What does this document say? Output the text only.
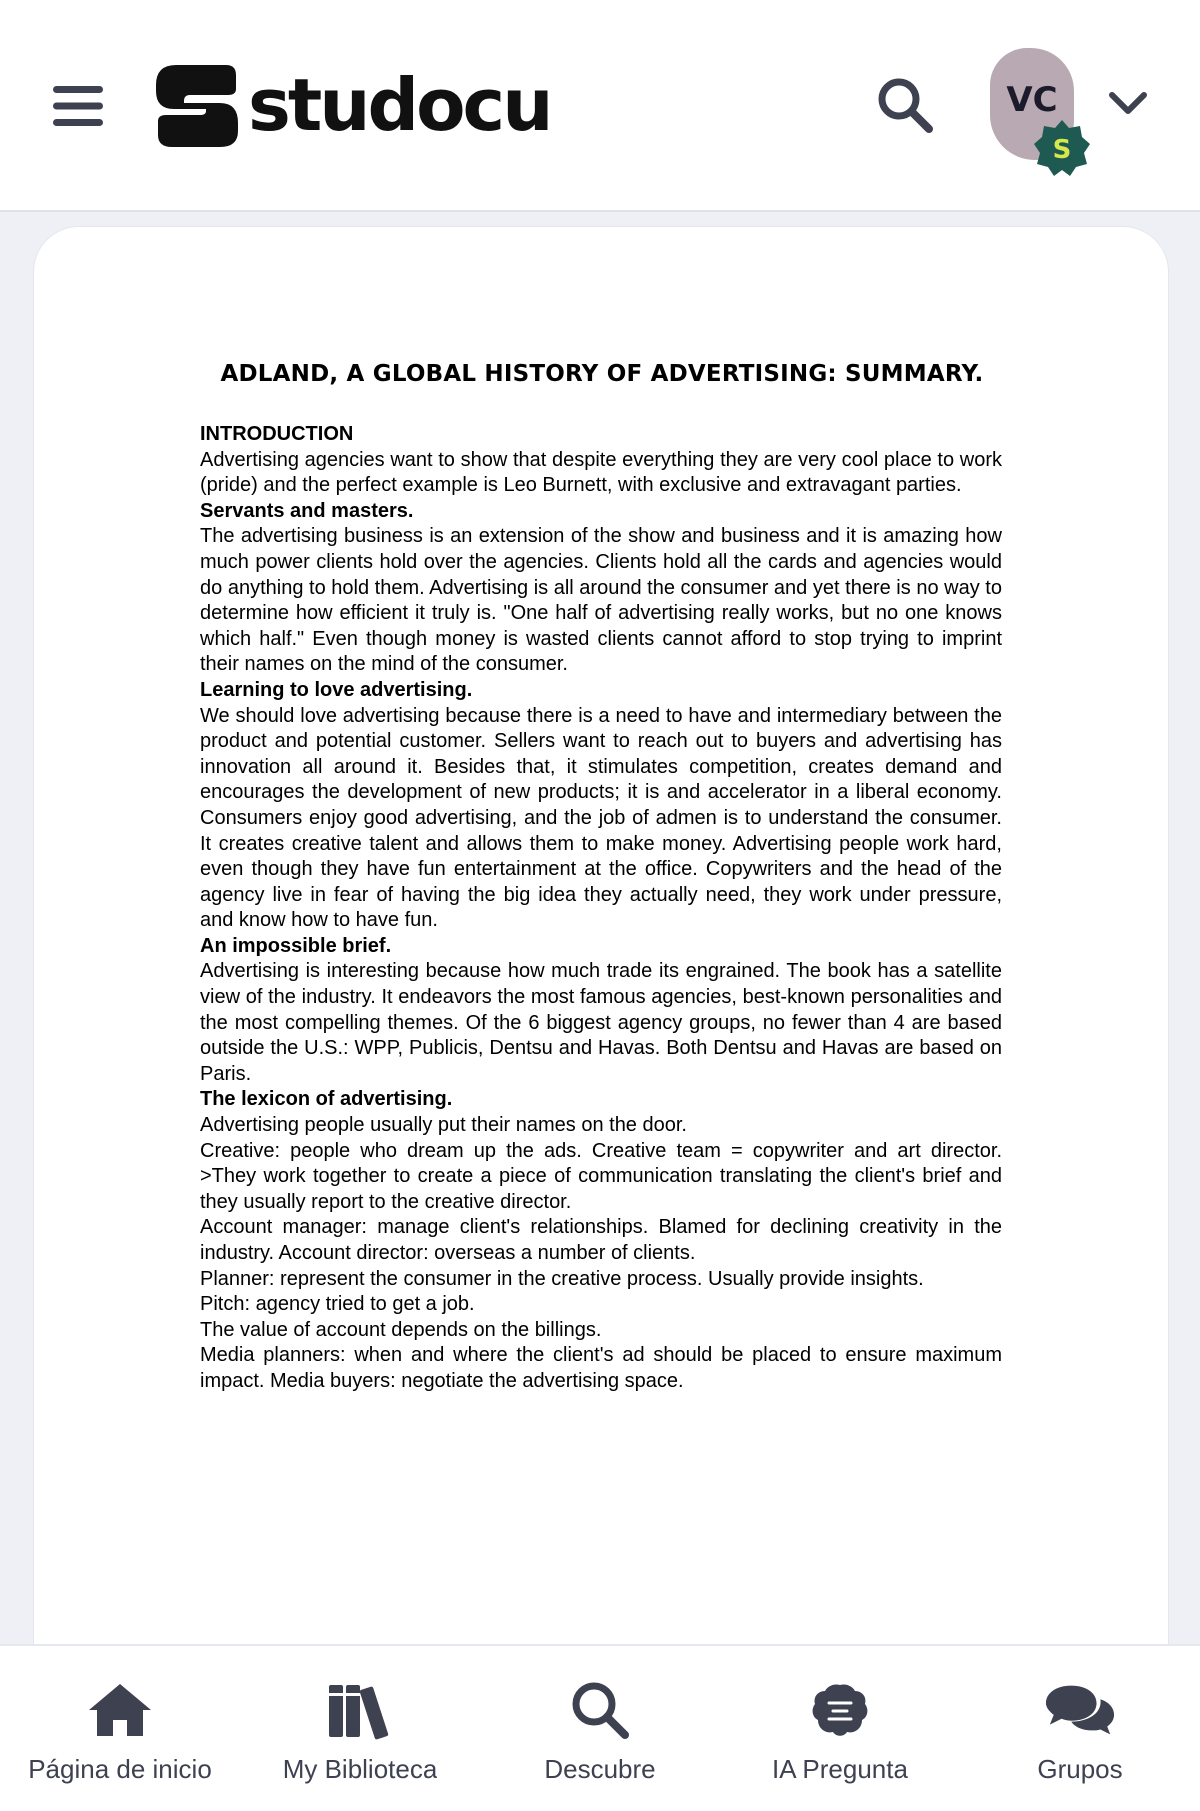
studocu	VC
S
ADLAND, A GLOBAL HISTORY OF ADVERTISING: SUMMARY.

INTRODUCTION

Advertising agencies want to show that despite everything they are very cool place to work (pride) and the perfect example is Leo Burnett, with exclusive and extravagant parties.

Servants and masters.

The advertising business is an extension of the show and business and it is amazing how much power clients hold over the agencies. Clients hold all the cards and agencies would do anything to hold them. Advertising is all around the consumer and yet there is no way to determine how efficient it truly is. "One half of advertising really works, but no one knows which half." Even though money is wasted clients cannot afford to stop trying to imprint their names on the mind of the consumer.

Learning to love advertising.

We should love advertising because there is a need to have and intermediary between the product and potential customer. Sellers want to reach out to buyers and advertising has innovation all around it. Besides that, it stimulates competition, creates demand and encourages the development of new products; it is and accelerator in a liberal economy. Consumers enjoy good advertising, and the job of admen is to understand the consumer. It creates creative talent and allows them to make money. Advertising people work hard, even though they have fun entertainment at the office. Copywriters and the head of the agency live in fear of having the big idea they actually need, they work under pressure, and know how to have fun.

An impossible brief.

Advertising is interesting because how much trade its engrained. The book has a satellite view of the industry. It endeavors the most famous agencies, best-known personalities and the most compelling themes. Of the 6 biggest agency groups, no fewer than 4 are based outside the U.S.: WPP, Publicis, Dentsu and Havas. Both Dentsu and Havas are based on Paris.

The lexicon of advertising.

Advertising people usually put their names on the door.

Creative: people who dream up the ads. Creative team = copywriter and art director. >They work together to create a piece of communication translating the client's brief and they usually report to the creative director.

Account manager: manage client's relationships. Blamed for declining creativity in the industry. Account director: overseas a number of clients.

Planner: represent the consumer in the creative process. Usually provide insights.

Pitch: agency tried to get a job.

The value of account depends on the billings.

Media planners: when and where the client's ad should be placed to ensure maximum impact. Media buyers: negotiate the advertising space.

Página de inicio	My Biblioteca	Descubre	IA Pregunta	Grupos
